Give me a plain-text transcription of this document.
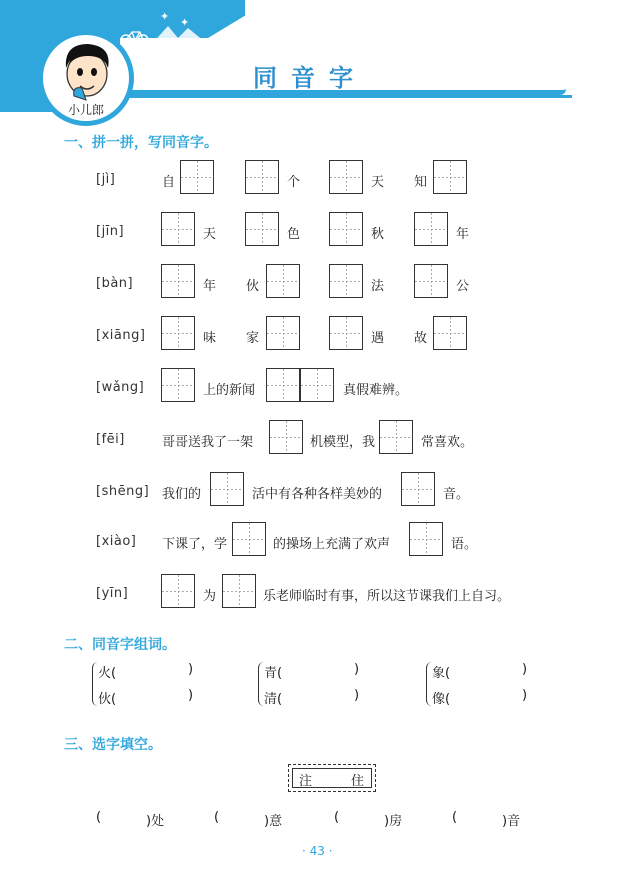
✦ ✦
小儿郎
同音字
一、拼一拼，写同音字。
[jì]	自	个	天 知
[jīn]	天	色	秋	年
[bàn]	年 伙	法	公
[xiāng]	味 家	遇 故
[wǎng]	上的新闻	真假难辨。
[fēi]	哥哥送我了一架	机模型，我	常喜欢。
[shēng] 我们的	活中有各种各样美妙的	音。
[xiào] 下课了，学	的操场上充满了欢声	语。
[yīn]	为	乐老师临时有事，所以这节课我们上自习。
二、同音字组词。
火(	)
伙(	)
青(	)
清(	)
象(	)
像(	)
三、选字填空。
注	住
(	)处	(	)意	(	)房	(	)音
· 43 ·
